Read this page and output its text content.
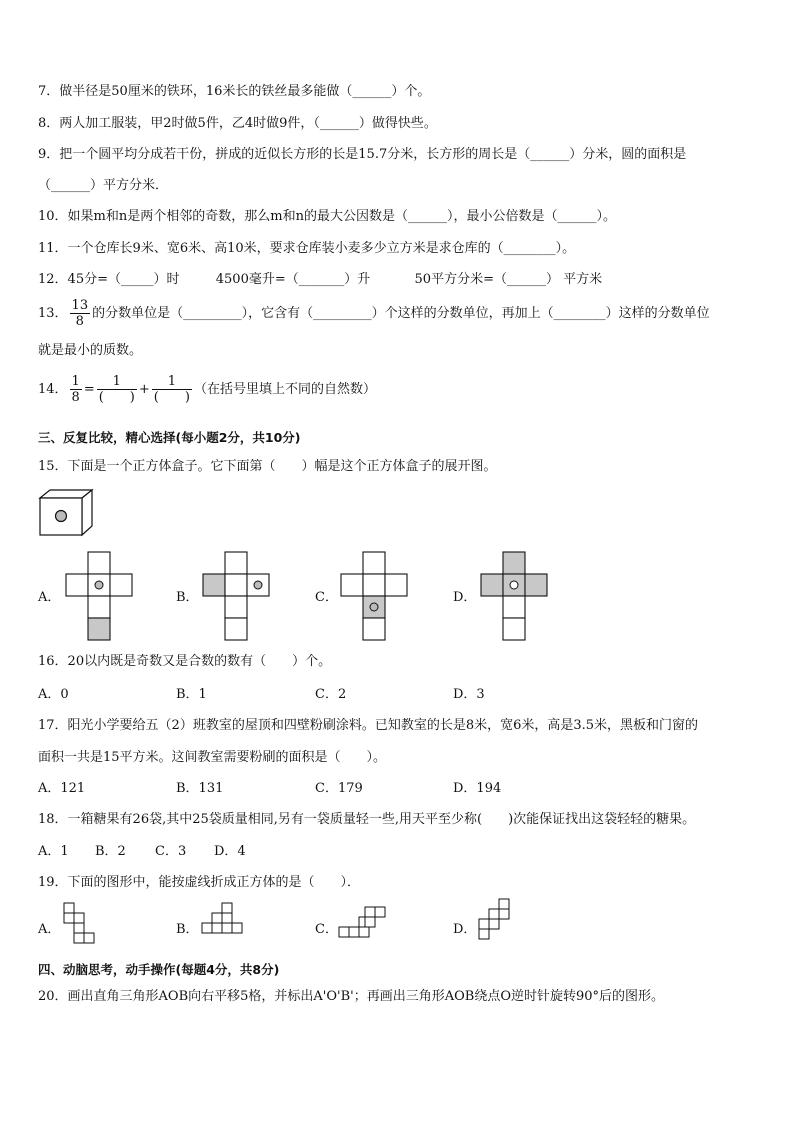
7．做半径是50厘米的铁环，16米长的铁丝最多能做（______）个。
8．两人加工服装，甲2时做5件，乙4时做9件，（______）做得快些。
9．把一个圆平均分成若干份，拼成的近似长方形的长是15.7分米，长方形的周长是（______）分米，圆的面积是
（______）平方分米．
10．如果m和n是两个相邻的奇数，那么m和n的最大公因数是（______），最小公倍数是（______）。
11．一个仓库长9米、宽6米、高10米，要求仓库装小麦多少立方米是求仓库的（________）。
12．45分=（_____）时	4500毫升=（_______）升	50平方分米=（______） 平方米
13． $\frac{13}{8}$ 的分数单位是（_________），它含有（_________）个这样的分数单位，再加上（________）这样的分数单位
就是最小的质数。
14． $\frac{1}{8} = \frac{1}{( )} + \frac{1}{( )}$ （在括号里填上不同的自然数）
三、反复比较，精心选择(每小题2分，共10分)
15．下面是一个正方体盒子。它下面第（　　）幅是这个正方体盒子的展开图。
A．	B．	C．	D．
16．20以内既是奇数又是合数的数有（　　）个。
A．0	B．1	C．2	D．3
17．阳光小学要给五（2）班教室的屋顶和四壁粉刷涂料。已知教室的长是8米，宽6米，高是3.5米，黑板和门窗的
面积一共是15平方米。这间教室需要粉刷的面积是（　　）。
A．121	B．131	C．179	D．194
18．一箱糖果有26袋,其中25袋质量相同,另有一袋质量轻一些,用天平至少称(　　)次能保证找出这袋轻轻的糖果。
A．1 B．2 C．3 D．4
19．下面的图形中，能按虚线折成正方体的是（　　）．
A．	B．	C．	D．
四、动脑思考，动手操作(每题4分，共8分)
20．画出直角三角形AOB向右平移5格，并标出A'O'B'；再画出三角形AOB绕点O逆时针旋转90°后的图形。
